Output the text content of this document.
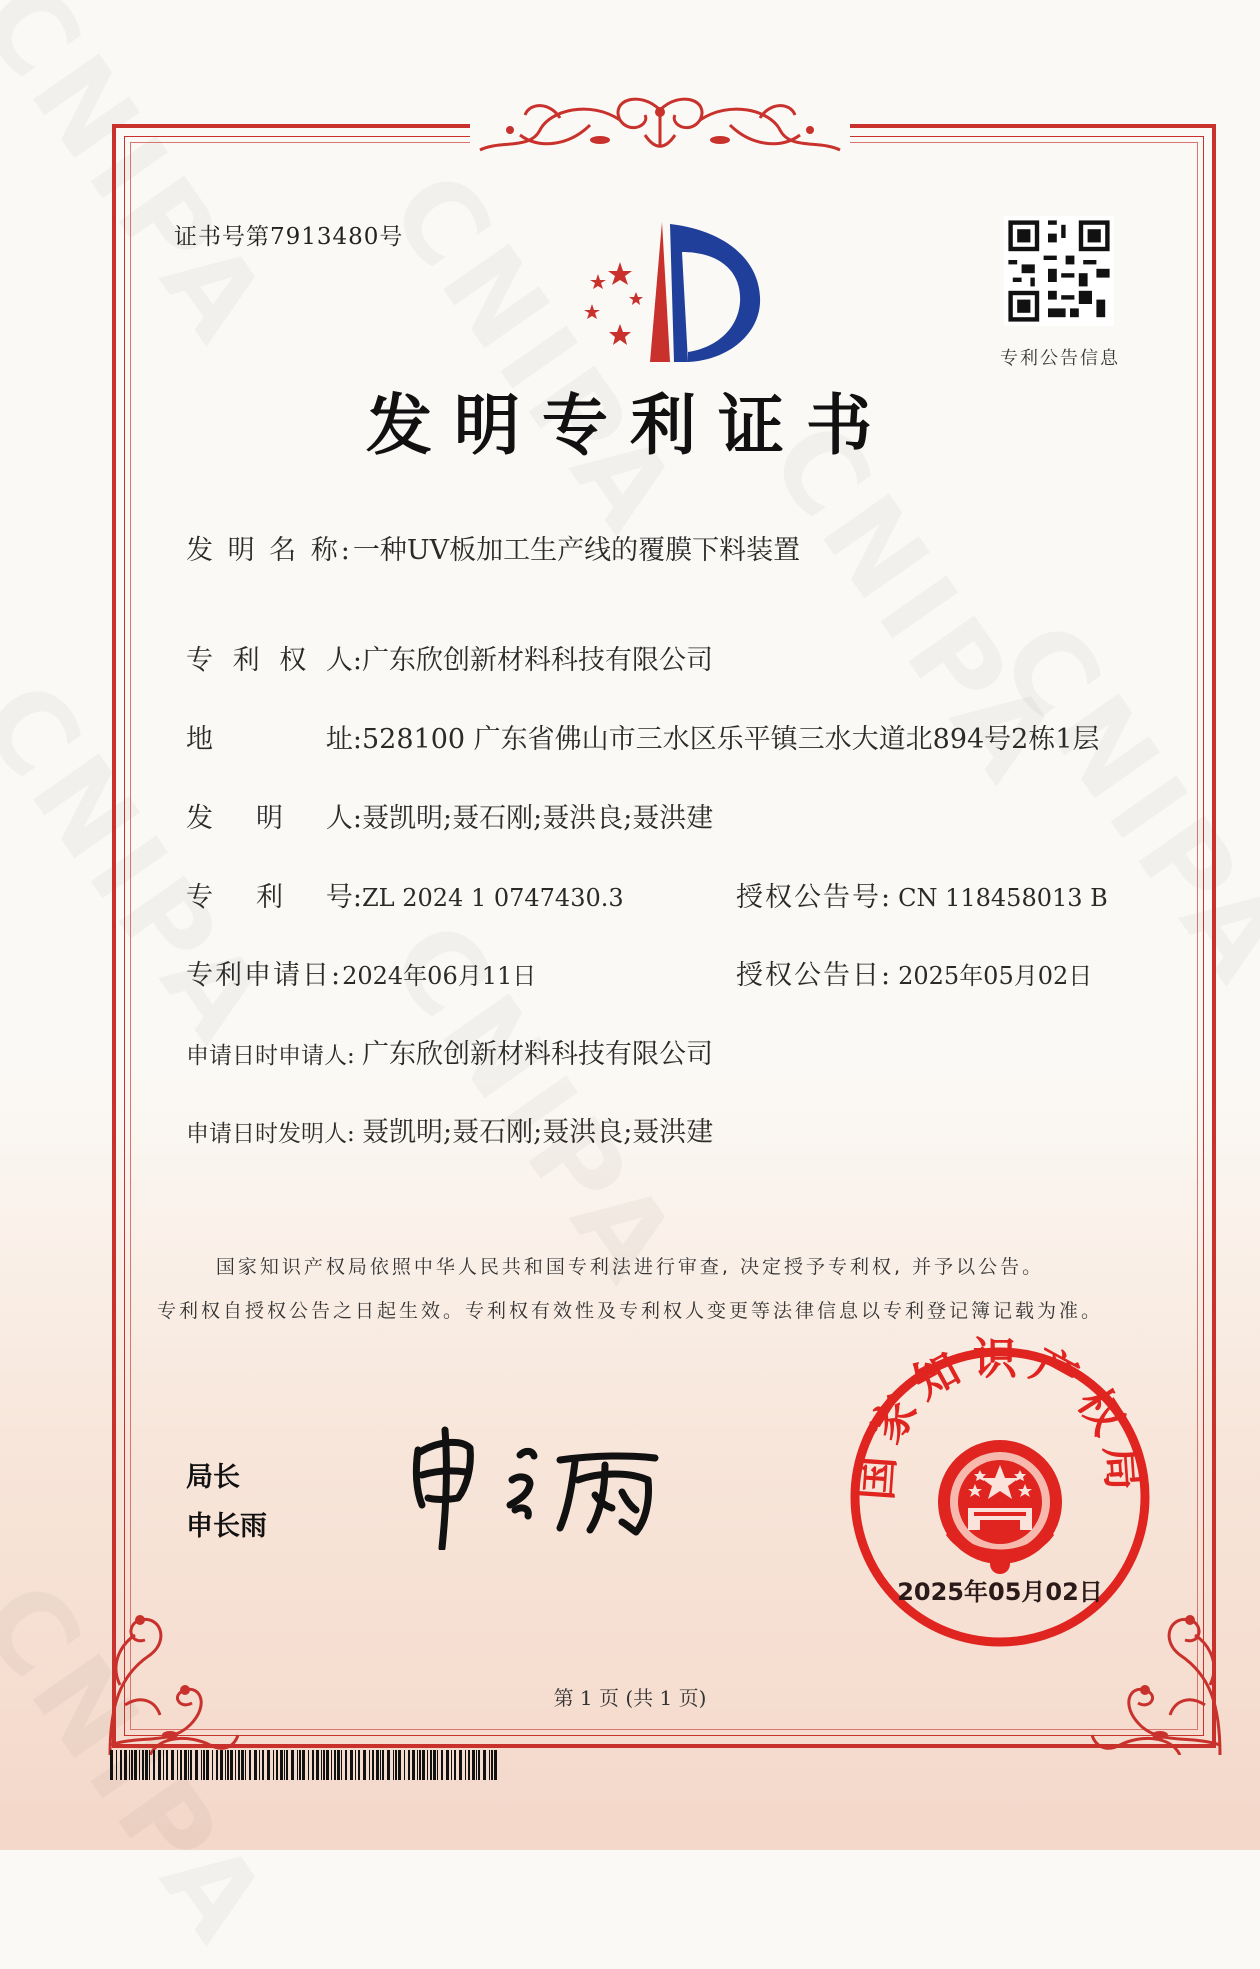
证书号第7913480号
专利公告信息
发明专利证书
发 明 名 称: 一种UV板加工生产线的覆膜下料装置
专 利 权 人: 广东欣创新材料科技有限公司
地	址: 528100 广东省佛山市三水区乐平镇三水大道北894号2栋1层
发 明 人: 聂凯明;聂石刚;聂洪良;聂洪建
专 利 号: ZL 2024 1 0747430.3	授权公告号: CN 118458013 B
专利申请日: 2024年06月11日	授权公告日: 2025年05月02日
申请日时申请人: 广东欣创新材料科技有限公司
申请日时发明人: 聂凯明;聂石刚;聂洪良;聂洪建
国家知识产权局依照中华人民共和国专利法进行审查, 决定授予专利权, 并予以公告。
专利权自授权公告之日起生效。专利权有效性及专利权人变更等法律信息以专利登记簿记载为准。
局长
申长雨
国家知识产权局
2025年05月02日
第 1 页 (共 1 页)
